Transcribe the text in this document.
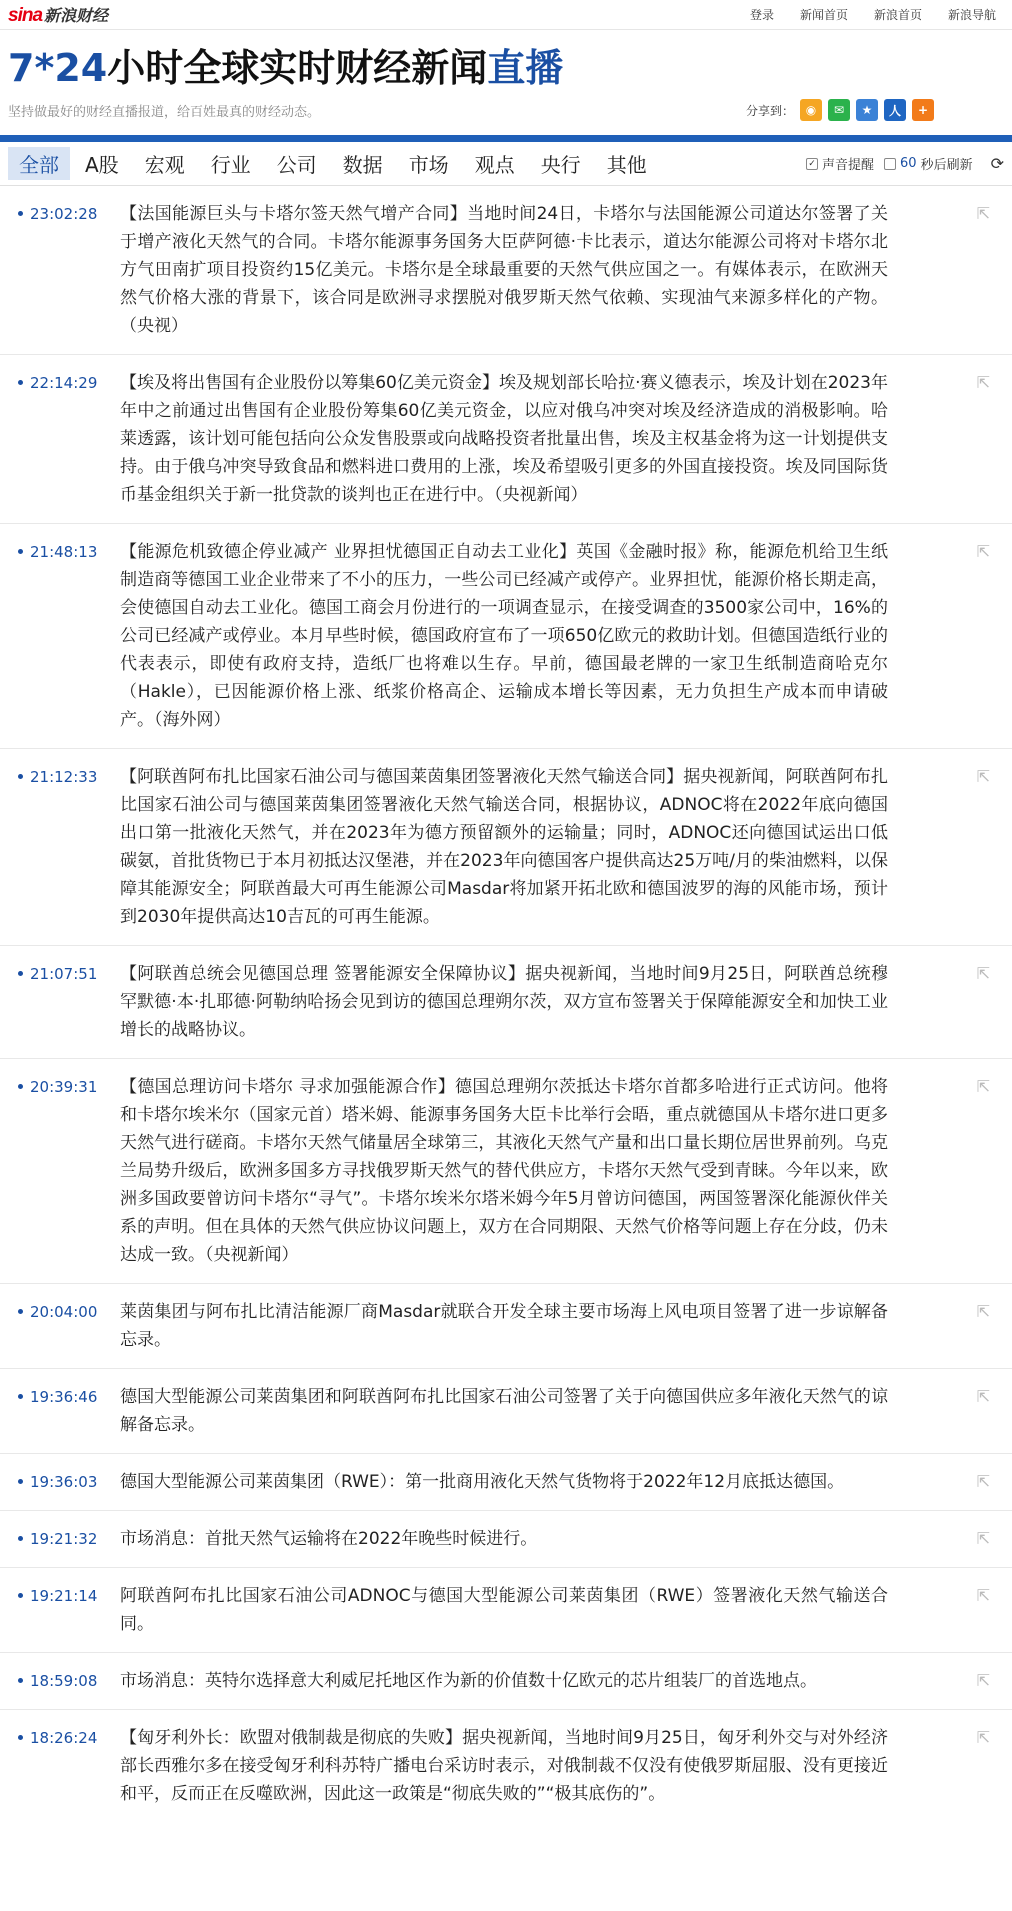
sina 新浪财经	登录 新闻首页 新浪首页 新浪导航
7*24小时全球实时财经新闻直播
坚持做最好的财经直播报道，给百姓最真的财经动态。	分享到： ◉	✉	★	人	+
全部	A股	宏观	行业	公司	数据	市场	观点	央行	其他	✓ 声音提醒 60 秒后刷新 ⟳
23:02:28	【法国能源巨头与卡塔尔签天然气增产合同】当地时间24日，卡塔尔与法国能源公司道达尔签署了关于增产液化天然气的合同。卡塔尔能源事务国务大臣萨阿德·卡比表示，道达尔能源公司将对卡塔尔北方气田南扩项目投资约15亿美元。卡塔尔是全球最重要的天然气供应国之一。有媒体表示，在欧洲天然气价格大涨的背景下，该合同是欧洲寻求摆脱对俄罗斯天然气依赖、实现油气来源多样化的产物。（央视）
⇱
22:14:29	【埃及将出售国有企业股份以筹集60亿美元资金】埃及规划部长哈拉·赛义德表示，埃及计划在2023年年中之前通过出售国有企业股份筹集60亿美元资金，以应对俄乌冲突对埃及经济造成的消极影响。哈莱透露，该计划可能包括向公众发售股票或向战略投资者批量出售，埃及主权基金将为这一计划提供支持。由于俄乌冲突导致食品和燃料进口费用的上涨，埃及希望吸引更多的外国直接投资。埃及同国际货币基金组织关于新一批贷款的谈判也正在进行中。（央视新闻）
⇱
21:48:13	【能源危机致德企停业减产 业界担忧德国正自动去工业化】英国《金融时报》称，能源危机给卫生纸制造商等德国工业企业带来了不小的压力，一些公司已经减产或停产。业界担忧，能源价格长期走高，会使德国自动去工业化。德国工商会月份进行的一项调查显示，在接受调查的3500家公司中，16%的公司已经减产或停业。本月早些时候，德国政府宣布了一项650亿欧元的救助计划。但德国造纸行业的代表表示，即使有政府支持，造纸厂也将难以生存。早前，德国最老牌的一家卫生纸制造商哈克尔（Hakle），已因能源价格上涨、纸浆价格高企、运输成本增长等因素，无力负担生产成本而申请破产。（海外网）
⇱
21:12:33	【阿联酋阿布扎比国家石油公司与德国莱茵集团签署液化天然气输送合同】据央视新闻，阿联酋阿布扎比国家石油公司与德国莱茵集团签署液化天然气输送合同，根据协议，ADNOC将在2022年底向德国出口第一批液化天然气，并在2023年为德方预留额外的运输量；同时，ADNOC还向德国试运出口低碳氨，首批货物已于本月初抵达汉堡港，并在2023年向德国客户提供高达25万吨/月的柴油燃料，以保障其能源安全；阿联酋最大可再生能源公司Masdar将加紧开拓北欧和德国波罗的海的风能市场，预计到2030年提供高达10吉瓦的可再生能源。
⇱
21:07:51	【阿联酋总统会见德国总理 签署能源安全保障协议】据央视新闻，当地时间9月25日，阿联酋总统穆罕默德·本·扎耶德·阿勒纳哈扬会见到访的德国总理朔尔茨，双方宣布签署关于保障能源安全和加快工业增长的战略协议。
⇱
20:39:31	【德国总理访问卡塔尔 寻求加强能源合作】德国总理朔尔茨抵达卡塔尔首都多哈进行正式访问。他将和卡塔尔埃米尔（国家元首）塔米姆、能源事务国务大臣卡比举行会晤，重点就德国从卡塔尔进口更多天然气进行磋商。卡塔尔天然气储量居全球第三，其液化天然气产量和出口量长期位居世界前列。乌克兰局势升级后，欧洲多国多方寻找俄罗斯天然气的替代供应方，卡塔尔天然气受到青睐。今年以来，欧洲多国政要曾访问卡塔尔“寻气”。卡塔尔埃米尔塔米姆今年5月曾访问德国，两国签署深化能源伙伴关系的声明。但在具体的天然气供应协议问题上，双方在合同期限、天然气价格等问题上存在分歧，仍未达成一致。（央视新闻）
⇱
20:04:00	莱茵集团与阿布扎比清洁能源厂商Masdar就联合开发全球主要市场海上风电项目签署了进一步谅解备忘录。
⇱
19:36:46	德国大型能源公司莱茵集团和阿联酋阿布扎比国家石油公司签署了关于向德国供应多年液化天然气的谅解备忘录。
⇱
19:36:03	德国大型能源公司莱茵集团（RWE）：第一批商用液化天然气货物将于2022年12月底抵达德国。	⇱
19:21:32	市场消息：首批天然气运输将在2022年晚些时候进行。	⇱
19:21:14	阿联酋阿布扎比国家石油公司ADNOC与德国大型能源公司莱茵集团（RWE）签署液化天然气输送合同。
⇱
18:59:08	市场消息：英特尔选择意大利威尼托地区作为新的价值数十亿欧元的芯片组装厂的首选地点。	⇱
18:26:24	【匈牙利外长：欧盟对俄制裁是彻底的失败】据央视新闻，当地时间9月25日，匈牙利外交与对外经济部长西雅尔多在接受匈牙利科苏特广播电台采访时表示，对俄制裁不仅没有使俄罗斯屈服、没有更接近和平，反而正在反噬欧洲，因此这一政策是“彻底失败的”“极其底伤的”。
⇱
